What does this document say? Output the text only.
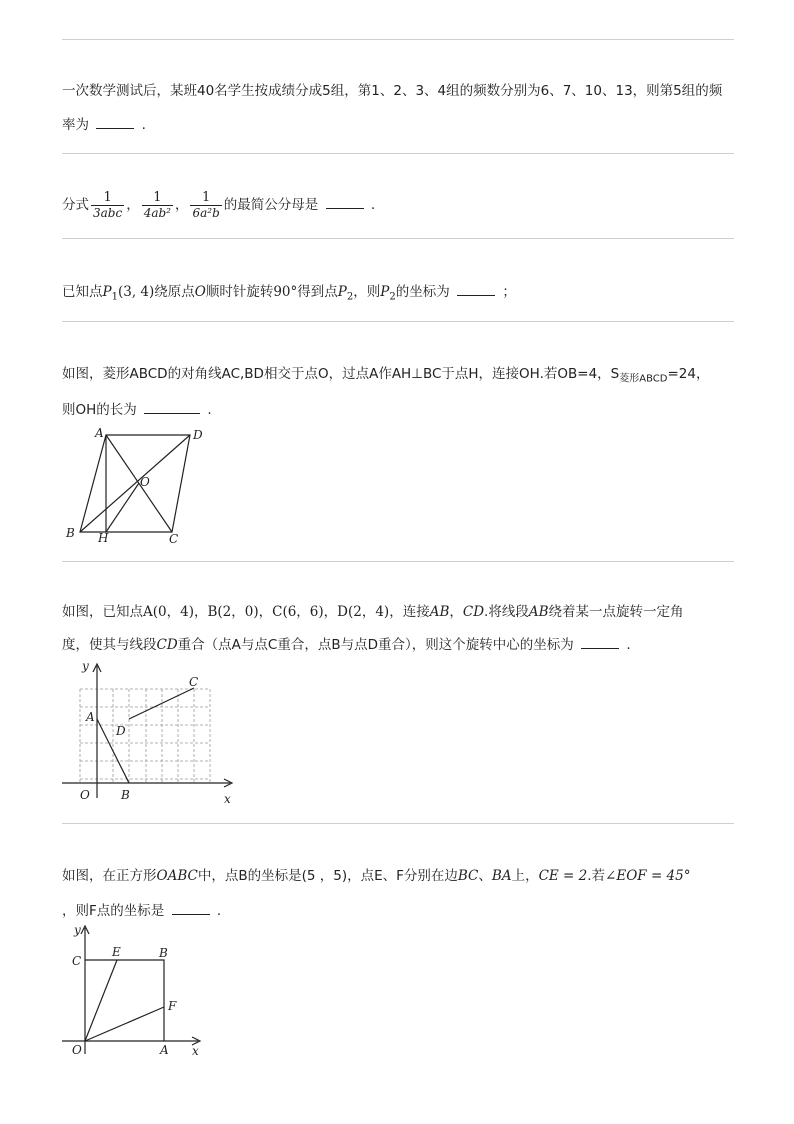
一次数学测试后，某班40名学生按成绩分成5组，第1、2、3、4组的频数分别为6、7、10、13，则第5组的频
率为	.
分式 $\frac{1}{\text{3abc}}$ ， $\frac{1}{\text{4ab²}}$ ， $\frac{1}{\text{6a²b}}$ 的最简公分母是	.
已知点$P_1(3$, 4)绕原点O顺时针旋转90°得到点$P_2$，则$P_2$的坐标为	；
如图，菱形ABCD的对角线AC,BD相交于点O，过点A作AH⊥BC于点H，连接OH.若OB=4，$S_{菱形ABCD}=24$，
则OH的长为	.
A	D
O
B H	C
如图，已知点A(0，4)，B(2，0)，C(6，6)，D(2，4)，连接AB，CD.将线段AB绕着某一点旋转一定角
度，使其与线段CD重合（点A与点C重合，点B与点D重合），则这个旋转中心的坐标为	.
y
x
A
D
C
O	B
如图，在正方形OABC中，点B的坐标是(5 ，5)，点E、F分别在边BC、BA上，CE = 2.若∠EOF = 45°
，则F点的坐标是	.
y
x
C
E	B
F
O	A
